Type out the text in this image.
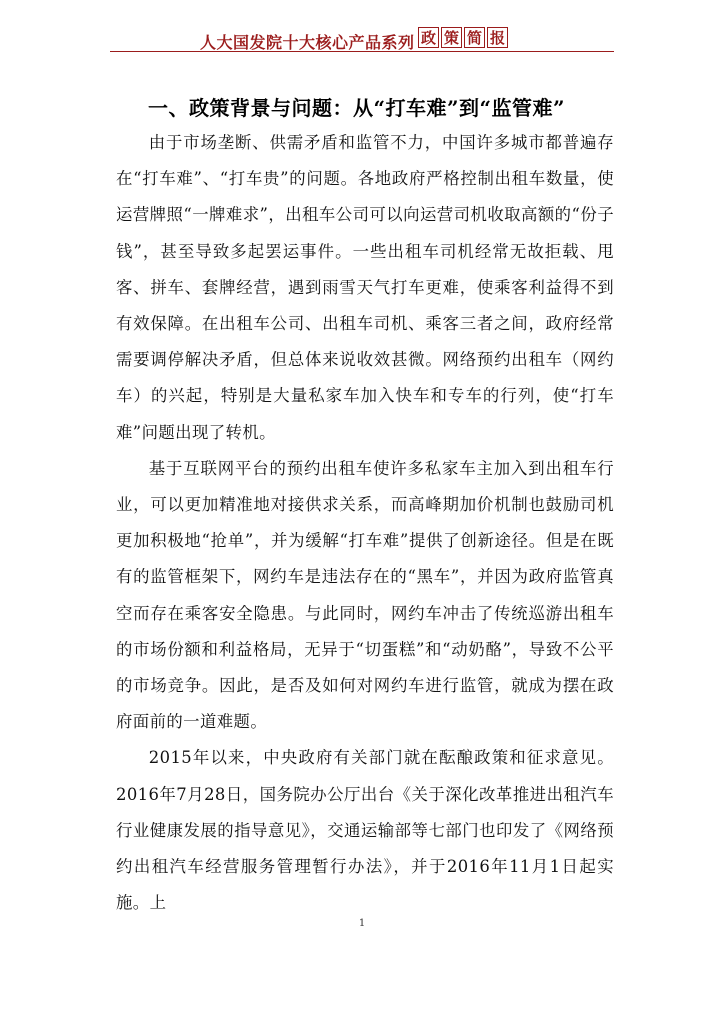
人大国发院十大核心产品系列 政 策 简 报
一、政策背景与问题：从“打车难”到“监管难”

由于市场垄断、供需矛盾和监管不力，中国许多城市都普遍存在“打车难”、“打车贵”的问题。各地政府严格控制出租车数量，使运营牌照“一牌难求”，出租车公司可以向运营司机收取高额的“份子钱”，甚至导致多起罢运事件。一些出租车司机经常无故拒载、甩客、拼车、套牌经营，遇到雨雪天气打车更难，使乘客利益得不到有效保障。在出租车公司、出租车司机、乘客三者之间，政府经常需要调停解决矛盾，但总体来说收效甚微。网络预约出租车（网约车）的兴起，特别是大量私家车加入快车和专车的行列，使“打车难”问题出现了转机。

基于互联网平台的预约出租车使许多私家车主加入到出租车行业，可以更加精准地对接供求关系，而高峰期加价机制也鼓励司机更加积极地“抢单”，并为缓解“打车难”提供了创新途径。但是在既有的监管框架下，网约车是违法存在的“黑车”，并因为政府监管真空而存在乘客安全隐患。与此同时，网约车冲击了传统巡游出租车的市场份额和利益格局，无异于“切蛋糕”和“动奶酪”，导致不公平的市场竞争。因此，是否及如何对网约车进行监管，就成为摆在政府面前的一道难题。

2015年以来，中央政府有关部门就在酝酿政策和征求意见。2016年7月28日，国务院办公厅出台《关于深化改革推进出租汽车行业健康发展的指导意见》，交通运输部等七部门也印发了《网络预约出租汽车经营服务管理暂行办法》，并于2016年11月1日起实施。上

1
